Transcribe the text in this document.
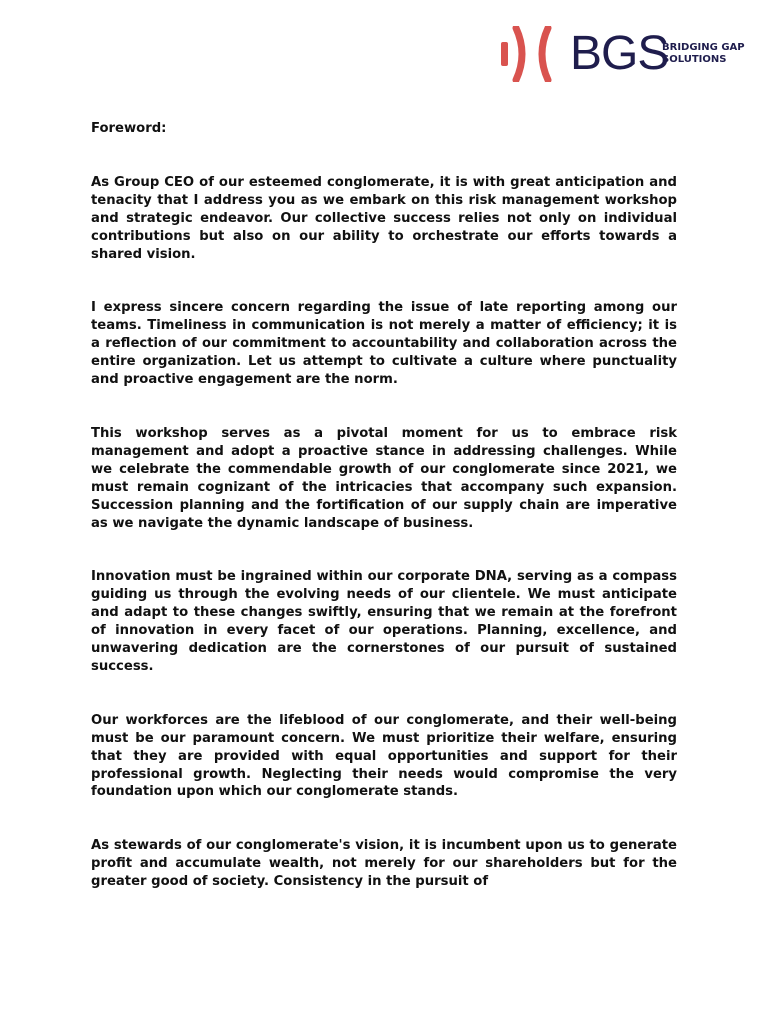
BGS
BRIDGING GAP
SOLUTIONS
Foreword:

As Group CEO of our esteemed conglomerate, it is with great anticipation and tenacity that I address you as we embark on this risk management workshop and strategic endeavor. Our collective success relies not only on individual contributions but also on our ability to orchestrate our efforts towards a shared vision.

I express sincere concern regarding the issue of late reporting among our teams. Timeliness in communication is not merely a matter of efficiency; it is a reflection of our commitment to accountability and collaboration across the entire organization. Let us attempt to cultivate a culture where punctuality and proactive engagement are the norm.

This workshop serves as a pivotal moment for us to embrace risk management and adopt a proactive stance in addressing challenges. While we celebrate the commendable growth of our conglomerate since 2021, we must remain cognizant of the intricacies that accompany such expansion. Succession planning and the fortification of our supply chain are imperative as we navigate the dynamic landscape of business.

Innovation must be ingrained within our corporate DNA, serving as a compass guiding us through the evolving needs of our clientele. We must anticipate and adapt to these changes swiftly, ensuring that we remain at the forefront of innovation in every facet of our operations. Planning, excellence, and unwavering dedication are the cornerstones of our pursuit of sustained success.

Our workforces are the lifeblood of our conglomerate, and their well-being must be our paramount concern. We must prioritize their welfare, ensuring that they are provided with equal opportunities and support for their professional growth. Neglecting their needs would compromise the very foundation upon which our conglomerate stands.

As stewards of our conglomerate's vision, it is incumbent upon us to generate profit and accumulate wealth, not merely for our shareholders but for the greater good of society. Consistency in the pursuit of
